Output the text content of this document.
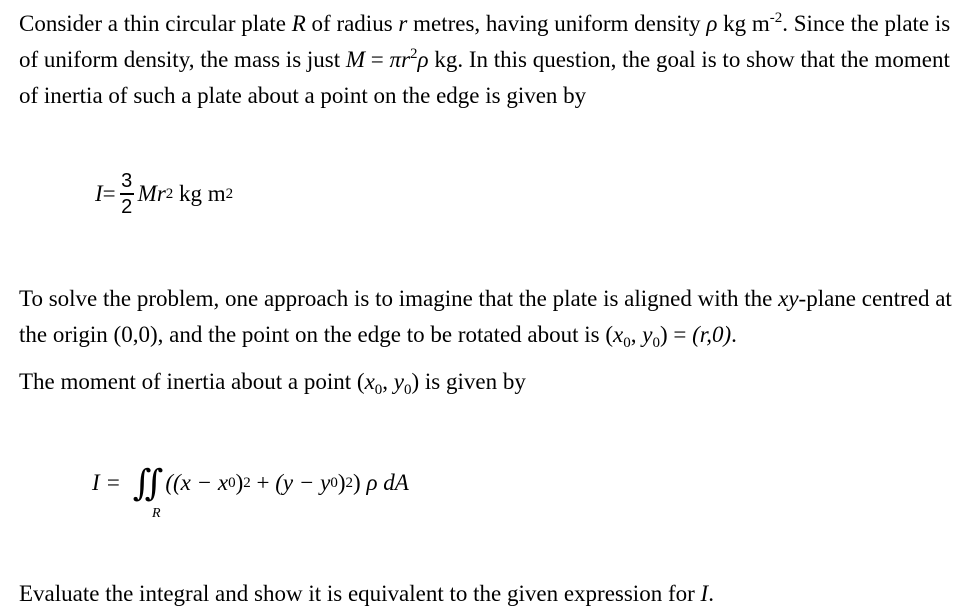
Consider a thin circular plate R of radius r metres, having uniform density ρ kg $m^{-2}$. Since the plate is of uniform density, the mass is just $M = \pi r^2\rho$ kg. In this question, the goal is to show that the moment of inertia of such a plate about a point on the edge is given by
$I = \frac{3}{2}$ M r 2 kg m 2
To solve the problem, one approach is to imagine that the plate is aligned with the xy-plane centred at the origin (0,0), and the point on the edge to be rotated about is ($x_0$, $y_0) = (r,0)$.
The moment of inertia about a point ($x_0$, $y_0$) is given by
I = ∬ ((x − x 0 ) 2 + (y − y 0 ) 2 ) ρ dA
R
Evaluate the integral and show it is equivalent to the given expression for I.
